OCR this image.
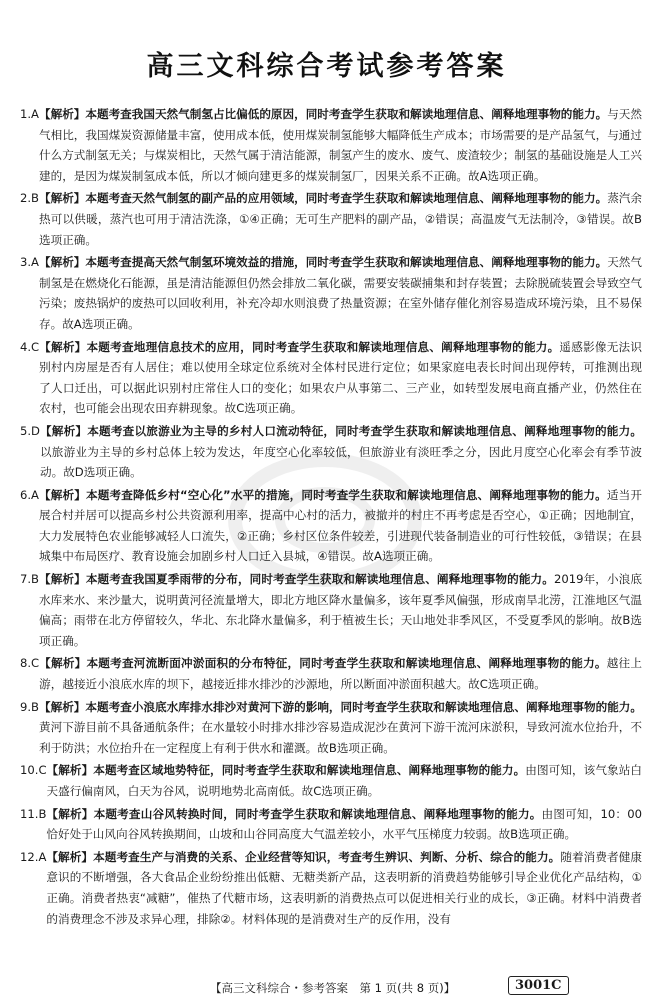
高三文科综合考试参考答案
1.A 【解析】本题考查我国天然气制氢占比偏低的原因，同时考查学生获取和解读地理信息、阐释地理事物的能力。与天然气相比，我国煤炭资源储量丰富，使用成本低，使用煤炭制氢能够大幅降低生产成本；市场需要的是产品氢气，与通过什么方式制氢无关；与煤炭相比，天然气属于清洁能源，制氢产生的废水、废气、废渣较少；制氢的基础设施是人工兴建的，是因为煤炭制氢成本低，所以才倾向建更多的煤炭制氢厂，因果关系不正确。故A选项正确。
2.B 【解析】本题考查天然气制氢的副产品的应用领域，同时考查学生获取和解读地理信息、阐释地理事物的能力。蒸汽余热可以供暖，蒸汽也可用于清洁洗涤，①④正确；无可生产肥料的副产品，②错误；高温废气无法制冷，③错误。故B选项正确。
3.A 【解析】本题考查提高天然气制氢环境效益的措施，同时考查学生获取和解读地理信息、阐释地理事物的能力。天然气制氢是在燃烧化石能源，虽是清洁能源但仍然会排放二氧化碳，需要安装碳捕集和封存装置；去除脱硫装置会导致空气污染；废热锅炉的废热可以回收利用，补充冷却水则浪费了热量资源；在室外储存催化剂容易造成环境污染，且不易保存。故A选项正确。
4.C 【解析】本题考查地理信息技术的应用，同时考查学生获取和解读地理信息、阐释地理事物的能力。遥感影像无法识别村内房屋是否有人居住；难以使用全球定位系统对全体村民进行定位；如果家庭电表长时间出现停转，可推测出现了人口迁出，可以据此识别村庄常住人口的变化；如果农户从事第二、三产业，如转型发展电商直播产业，仍然住在农村，也可能会出现农田弃耕现象。故C选项正确。
5.D 【解析】本题考查以旅游业为主导的乡村人口流动特征，同时考查学生获取和解读地理信息、阐释地理事物的能力。以旅游业为主导的乡村总体上较为发达，年度空心化率较低，但旅游业有淡旺季之分，因此月度空心化率会有季节波动。故D选项正确。
6.A 【解析】本题考查降低乡村“空心化”水平的措施，同时考查学生获取和解读地理信息、阐释地理事物的能力。适当开展合村并居可以提高乡村公共资源利用率，提高中心村的活力，被撤并的村庄不再考虑是否空心，①正确；因地制宜，大力发展特色农业能够减轻人口流失，②正确；乡村区位条件较差，引进现代装备制造业的可行性较低，③错误；在县城集中布局医疗、教育设施会加剧乡村人口迁入县城，④错误。故A选项正确。
7.B 【解析】本题考查我国夏季雨带的分布，同时考查学生获取和解读地理信息、阐释地理事物的能力。2019年，小浪底水库来水、来沙量大，说明黄河径流量增大，即北方地区降水量偏多，该年夏季风偏强，形成南旱北涝，江淮地区气温偏高；雨带在北方停留较久，华北、东北降水量偏多，利于植被生长；天山地处非季风区，不受夏季风的影响。故B选项正确。
8.C 【解析】本题考查河流断面冲淤面积的分布特征，同时考查学生获取和解读地理信息、阐释地理事物的能力。越往上游，越接近小浪底水库的坝下，越接近排水排沙的沙源地，所以断面冲淤面积越大。故C选项正确。
9.B 【解析】本题考查小浪底水库排水排沙对黄河下游的影响，同时考查学生获取和解读地理信息、阐释地理事物的能力。黄河下游目前不具备通航条件；在水量较小时排水排沙容易造成泥沙在黄河下游干流河床淤积，导致河流水位抬升，不利于防洪；水位抬升在一定程度上有利于供水和灌溉。故B选项正确。
10.C 【解析】本题考查区域地势特征，同时考查学生获取和解读地理信息、阐释地理事物的能力。由图可知，该气象站白天盛行偏南风，白天为谷风，说明地势北高南低。故C选项正确。
11.B 【解析】本题考查山谷风转换时间，同时考查学生获取和解读地理信息、阐释地理事物的能力。由图可知，10：00恰好处于山风向谷风转换期间，山坡和山谷同高度大气温差较小，水平气压梯度力较弱。故B选项正确。
12.A 【解析】本题考查生产与消费的关系、企业经营等知识，考查考生辨识、判断、分析、综合的能力。随着消费者健康意识的不断增强，各大食品企业纷纷推出低糖、无糖类新产品，这表明新的消费趋势能够引导企业优化产品结构，①正确。消费者热衷“减糖”，催热了代糖市场，这表明新的消费热点可以促进相关行业的成长，③正确。材料中消费者的消费理念不涉及求异心理，排除②。材料体现的是消费对生产的反作用，没有
【高三文科综合・参考答案　第 1 页(共 8 页)】	3001C
